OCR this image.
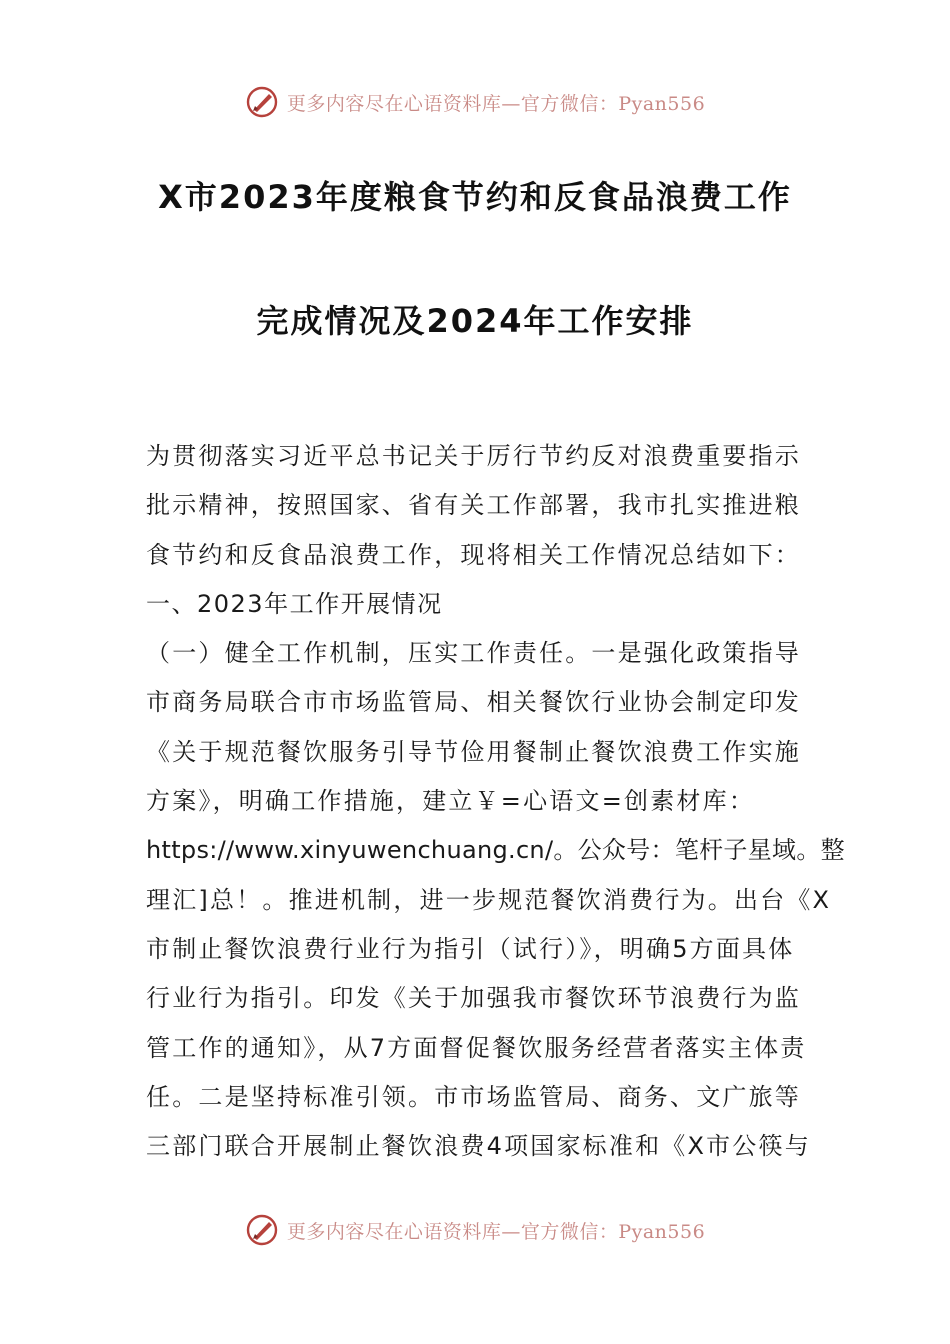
更多内容尽在心语资料库—官方微信：Pyan556
X市2023年度粮食节约和反食品浪费工作
完成情况及2024年工作安排
为贯彻落实习近平总书记关于厉行节约反对浪费重要指示
批示精神，按照国家、省有关工作部署，我市扎实推进粮
食节约和反食品浪费工作，现将相关工作情况总结如下：
一、2023年工作开展情况
（一）健全工作机制，压实工作责任。一是强化政策指导
市商务局联合市市场监管局、相关餐饮行业协会制定印发
《关于规范餐饮服务引导节俭用餐制止餐饮浪费工作实施
方案》，明确工作措施，建立￥=心语文=创素材库：
https://www.xinyuwenchuang.cn/。公众号：笔杆子星域。整
理汇]总！。推进机制，进一步规范餐饮消费行为。出台《X
市制止餐饮浪费行业行为指引（试行）》，明确5方面具体
行业行为指引。印发《关于加强我市餐饮环节浪费行为监
管工作的通知》，从7方面督促餐饮服务经营者落实主体责
任。二是坚持标准引领。市市场监管局、商务、文广旅等
三部门联合开展制止餐饮浪费4项国家标准和《X市公筷与
更多内容尽在心语资料库—官方微信：Pyan556
